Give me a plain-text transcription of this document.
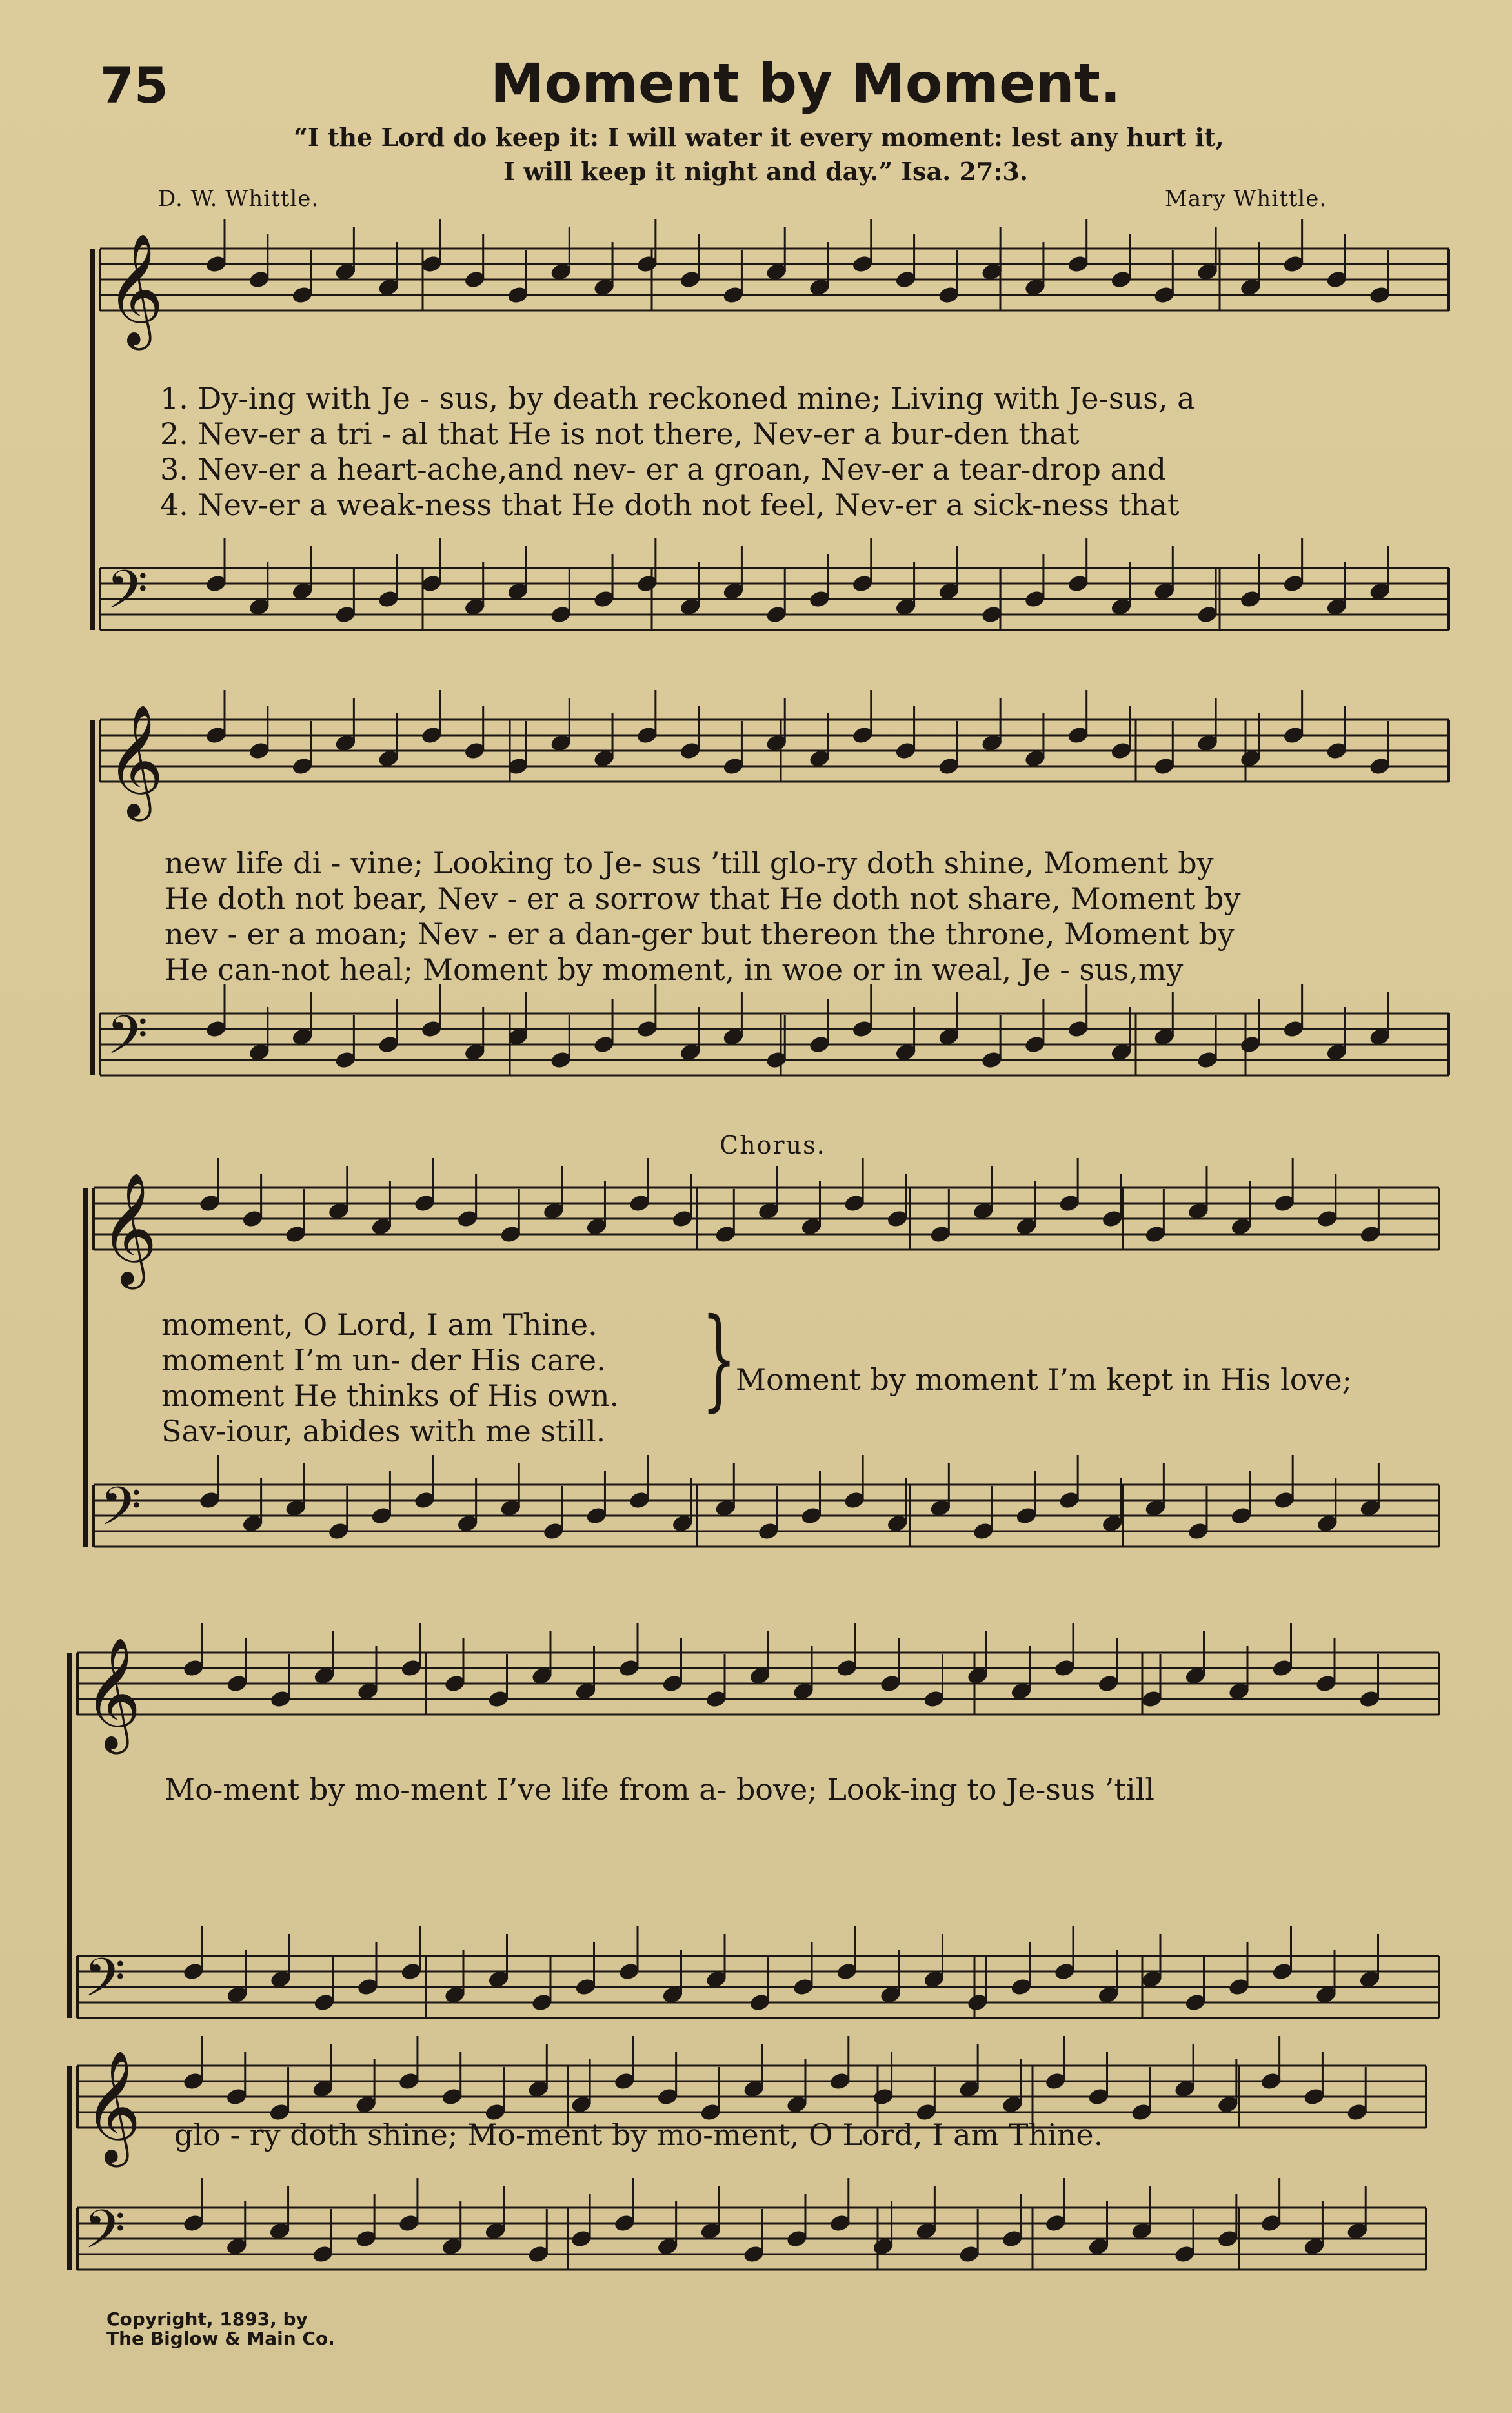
75	Moment by Moment.
“I the Lord do keep it: I will water it every moment: lest any hurt it,
I will keep it night and day.” Isa. 27:3.
D. W. Whittle.	Mary Whittle.
𝄞
𝄢
𝄞
𝄢
𝄞
𝄢
𝄞
𝄢
𝄞
𝄢
1. Dy-ing with Je - sus, by death reckoned mine; Living with Je-sus, a
2. Nev-er a tri - al that He is not there, Nev-er a bur-den that
3. Nev-er a heart-ache,and nev- er a groan, Nev-er a tear-drop and
4. Nev-er a weak-ness that He doth not feel, Nev-er a sick-ness that
new life di - vine; Looking to Je- sus ’till glo-ry doth shine, Moment by
He doth not bear, Nev - er a sorrow that He doth not share, Moment by
nev - er a moan; Nev - er a dan-ger but thereon the throne, Moment by
He can-not heal; Moment by moment, in woe or in weal, Je - sus,my
Chorus.
moment, O Lord, I am Thine.
moment I’m un- der His care.
moment He thinks of His own.
Sav-iour, abides with me still.
}
Moment by moment I’m kept in His love;
Mo-ment by mo-ment I’ve life from a- bove; Look-ing to Je-sus ’till
glo - ry doth shine; Mo-ment by mo-ment, O Lord, I am Thine.
Copyright, 1893, by
The Biglow & Main Co.
